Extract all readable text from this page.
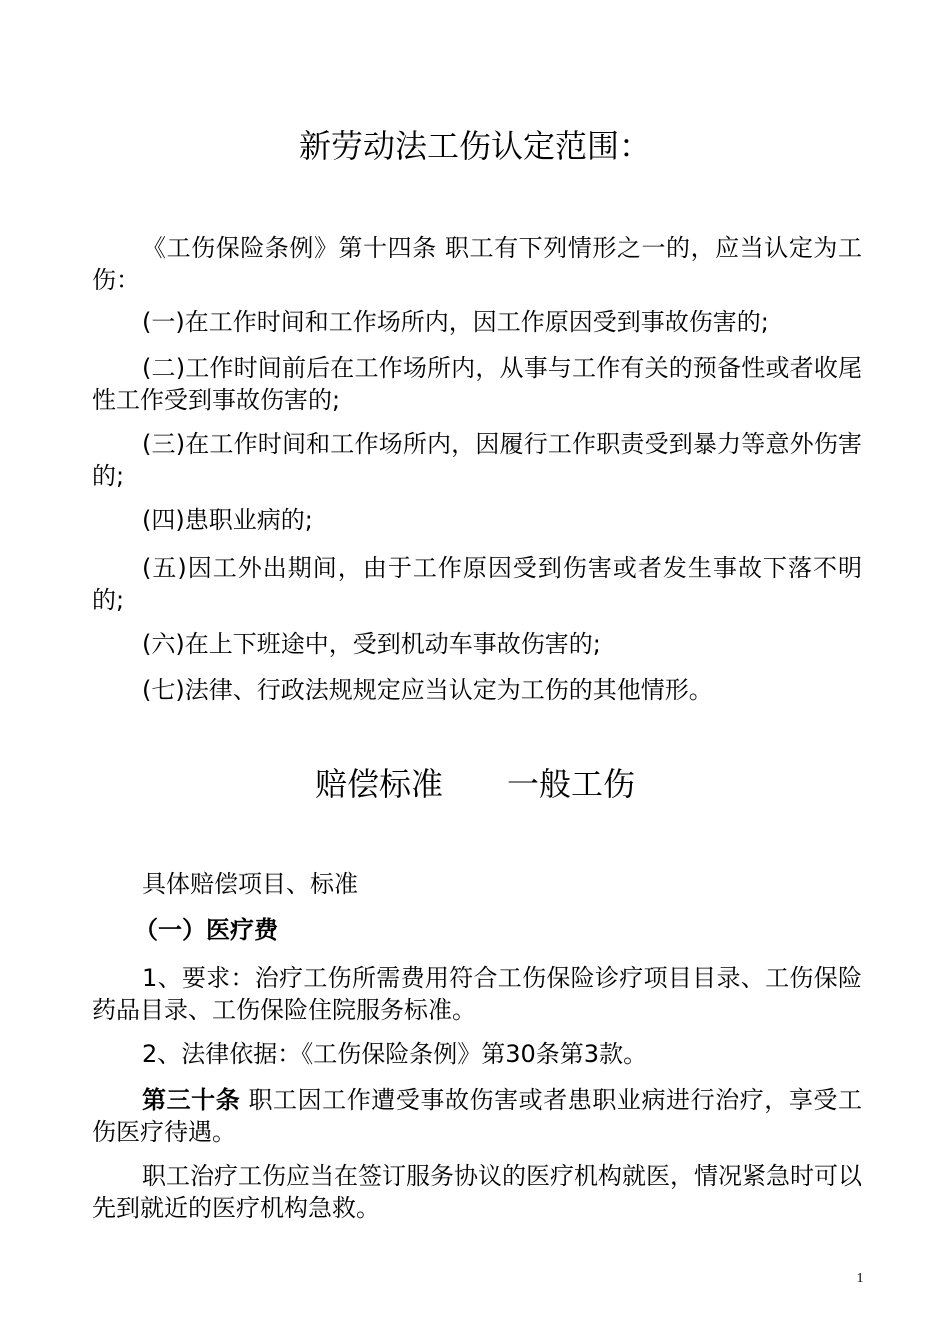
新劳动法工伤认定范围：
《工伤保险条例》第十四条 职工有下列情形之一的，应当认定为工伤：
(一)在工作时间和工作场所内，因工作原因受到事故伤害的;
(二)工作时间前后在工作场所内，从事与工作有关的预备性或者收尾性工作受到事故伤害的;
(三)在工作时间和工作场所内，因履行工作职责受到暴力等意外伤害的;
(四)患职业病的;
(五)因工外出期间，由于工作原因受到伤害或者发生事故下落不明的;
(六)在上下班途中，受到机动车事故伤害的;
(七)法律、行政法规规定应当认定为工伤的其他情形。
赔偿标准　　一般工伤
具体赔偿项目、标准
（一）医疗费
1、要求：治疗工伤所需费用符合工伤保险诊疗项目目录、工伤保险药品目录、工伤保险住院服务标准。
2、法律依据：《工伤保险条例》第30条第3款。
第三十条 职工因工作遭受事故伤害或者患职业病进行治疗，享受工伤医疗待遇。
职工治疗工伤应当在签订服务协议的医疗机构就医，情况紧急时可以先到就近的医疗机构急救。
1
